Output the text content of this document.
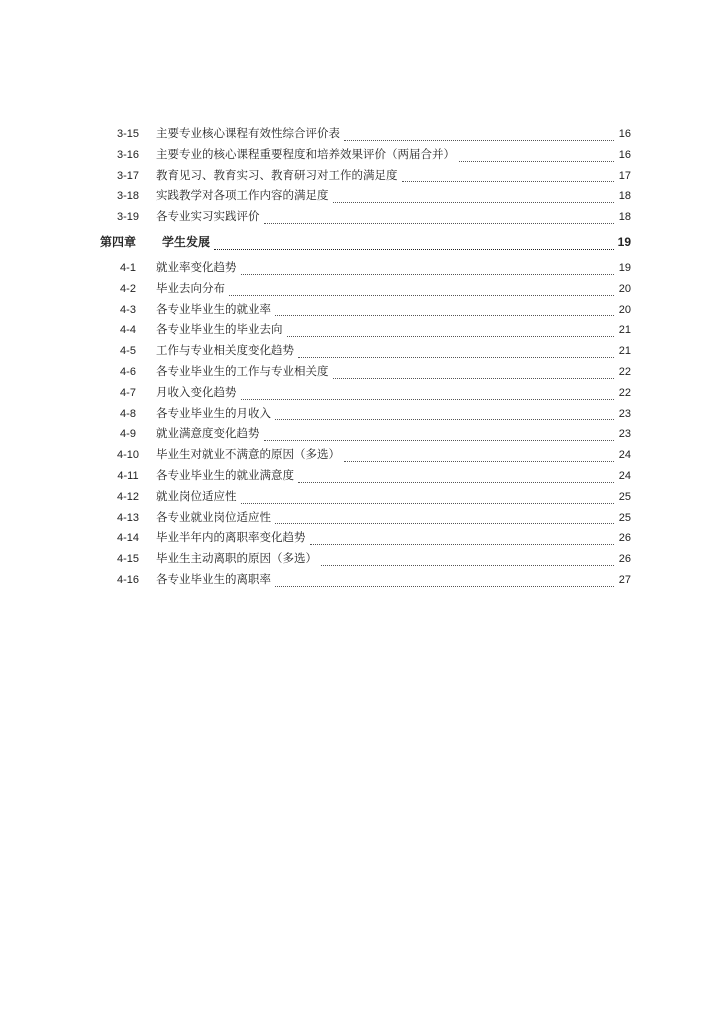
3-15	主要专业核心课程有效性综合评价表	16
3-16	主要专业的核心课程重要程度和培养效果评价（两届合并）	16
3-17	教育见习、教育实习、教育研习对工作的满足度	17
3-18	实践教学对各项工作内容的满足度	18
3-19	各专业实习实践评价	18
第四章	学生发展	19
4-1	就业率变化趋势	19
4-2	毕业去向分布	20
4-3	各专业毕业生的就业率	20
4-4	各专业毕业生的毕业去向	21
4-5	工作与专业相关度变化趋势	21
4-6	各专业毕业生的工作与专业相关度	22
4-7	月收入变化趋势	22
4-8	各专业毕业生的月收入	23
4-9	就业满意度变化趋势	23
4-10	毕业生对就业不满意的原因（多选）	24
4-11	各专业毕业生的就业满意度	24
4-12	就业岗位适应性	25
4-13	各专业就业岗位适应性	25
4-14	毕业半年内的离职率变化趋势	26
4-15	毕业生主动离职的原因（多选）	26
4-16	各专业毕业生的离职率	27
